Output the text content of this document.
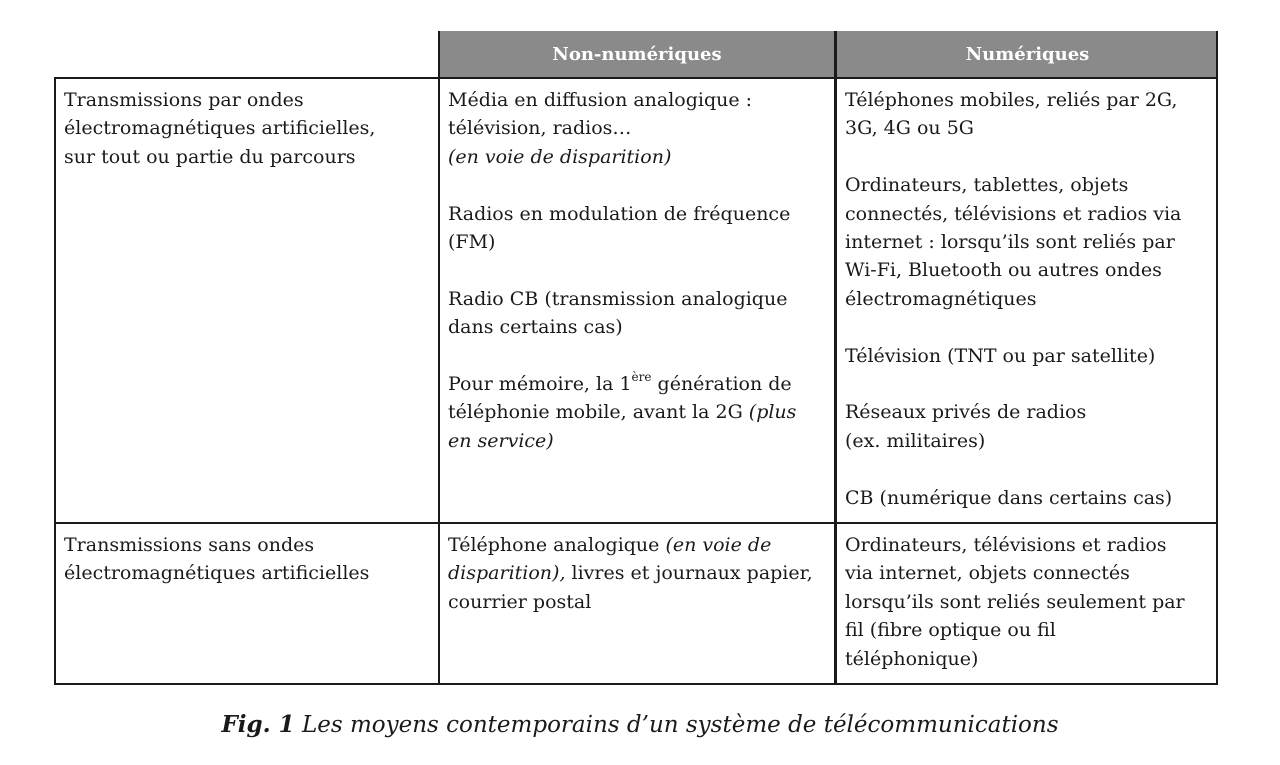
Non-numériques	Numériques
Transmissions par ondes
électromagnétiques artificielles,
sur tout ou partie du parcours
Média en diffusion analogique :
télévision, radios…
(en voie de disparition)
Radios en modulation de fréquence
(FM)
Radio CB (transmission analogique
dans certains cas)
Pour mémoire, la 1ère génération de
téléphonie mobile, avant la 2G (plus
en service)
Téléphones mobiles, reliés par 2G,
3G, 4G ou 5G
Ordinateurs, tablettes, objets
connectés, télévisions et radios via
internet : lorsqu’ils sont reliés par
Wi-Fi, Bluetooth ou autres ondes
électromagnétiques
Télévision (TNT ou par satellite)
Réseaux privés de radios
(ex. militaires)
CB (numérique dans certains cas)
Transmissions sans ondes
électromagnétiques artificielles
Téléphone analogique (en voie de
disparition), livres et journaux papier,
courrier postal
Ordinateurs, télévisions et radios
via internet, objets connectés
lorsqu’ils sont reliés seulement par
fil (fibre optique ou fil
téléphonique)
Fig. 1 Les moyens contemporains d’un système de télécommunications
